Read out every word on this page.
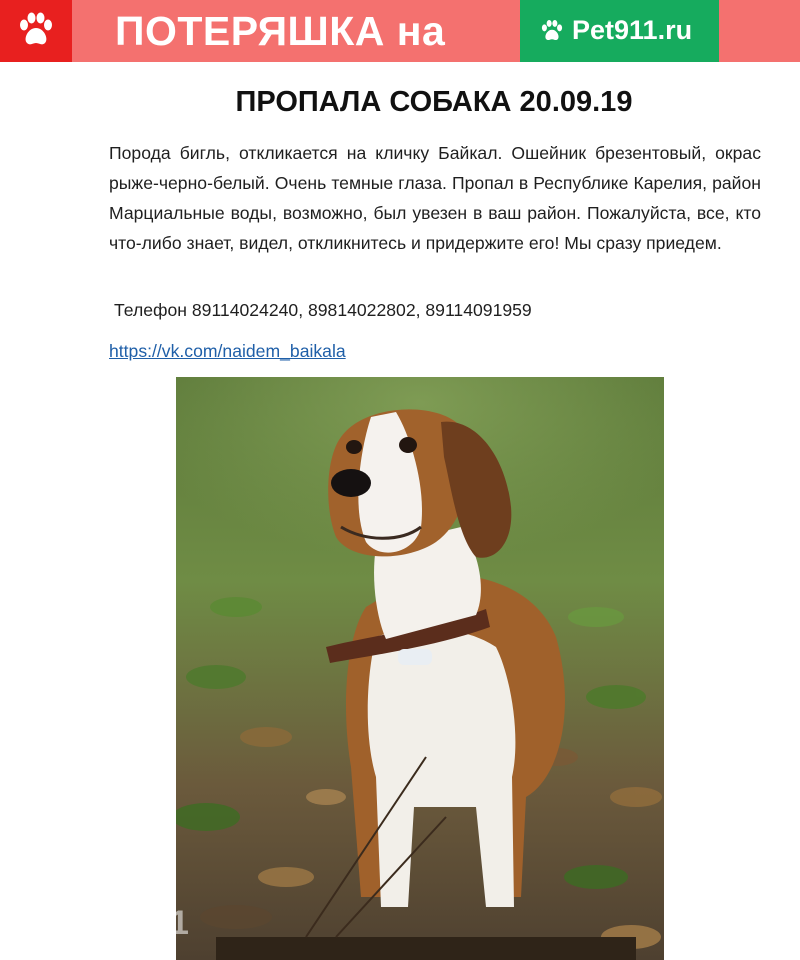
ПОТЕРЯШКА на	Pet911.ru
ПРОПАЛА СОБАКА 20.09.19

Порода бигль, откликается на кличку Байкал. Ошейник брезентовый, окрас рыже-черно-белый. Очень темные глаза. Пропал в Республике Карелия, район Марциальные воды, возможно, был увезен в ваш район. Пожалуйста, все, кто что-либо знает, видел, откликнитесь и придержите его! Мы сразу приедем.

Телефон 89114024240, 89814022802, 89114091959
https://vk.com/naidem_baikala
pet911
